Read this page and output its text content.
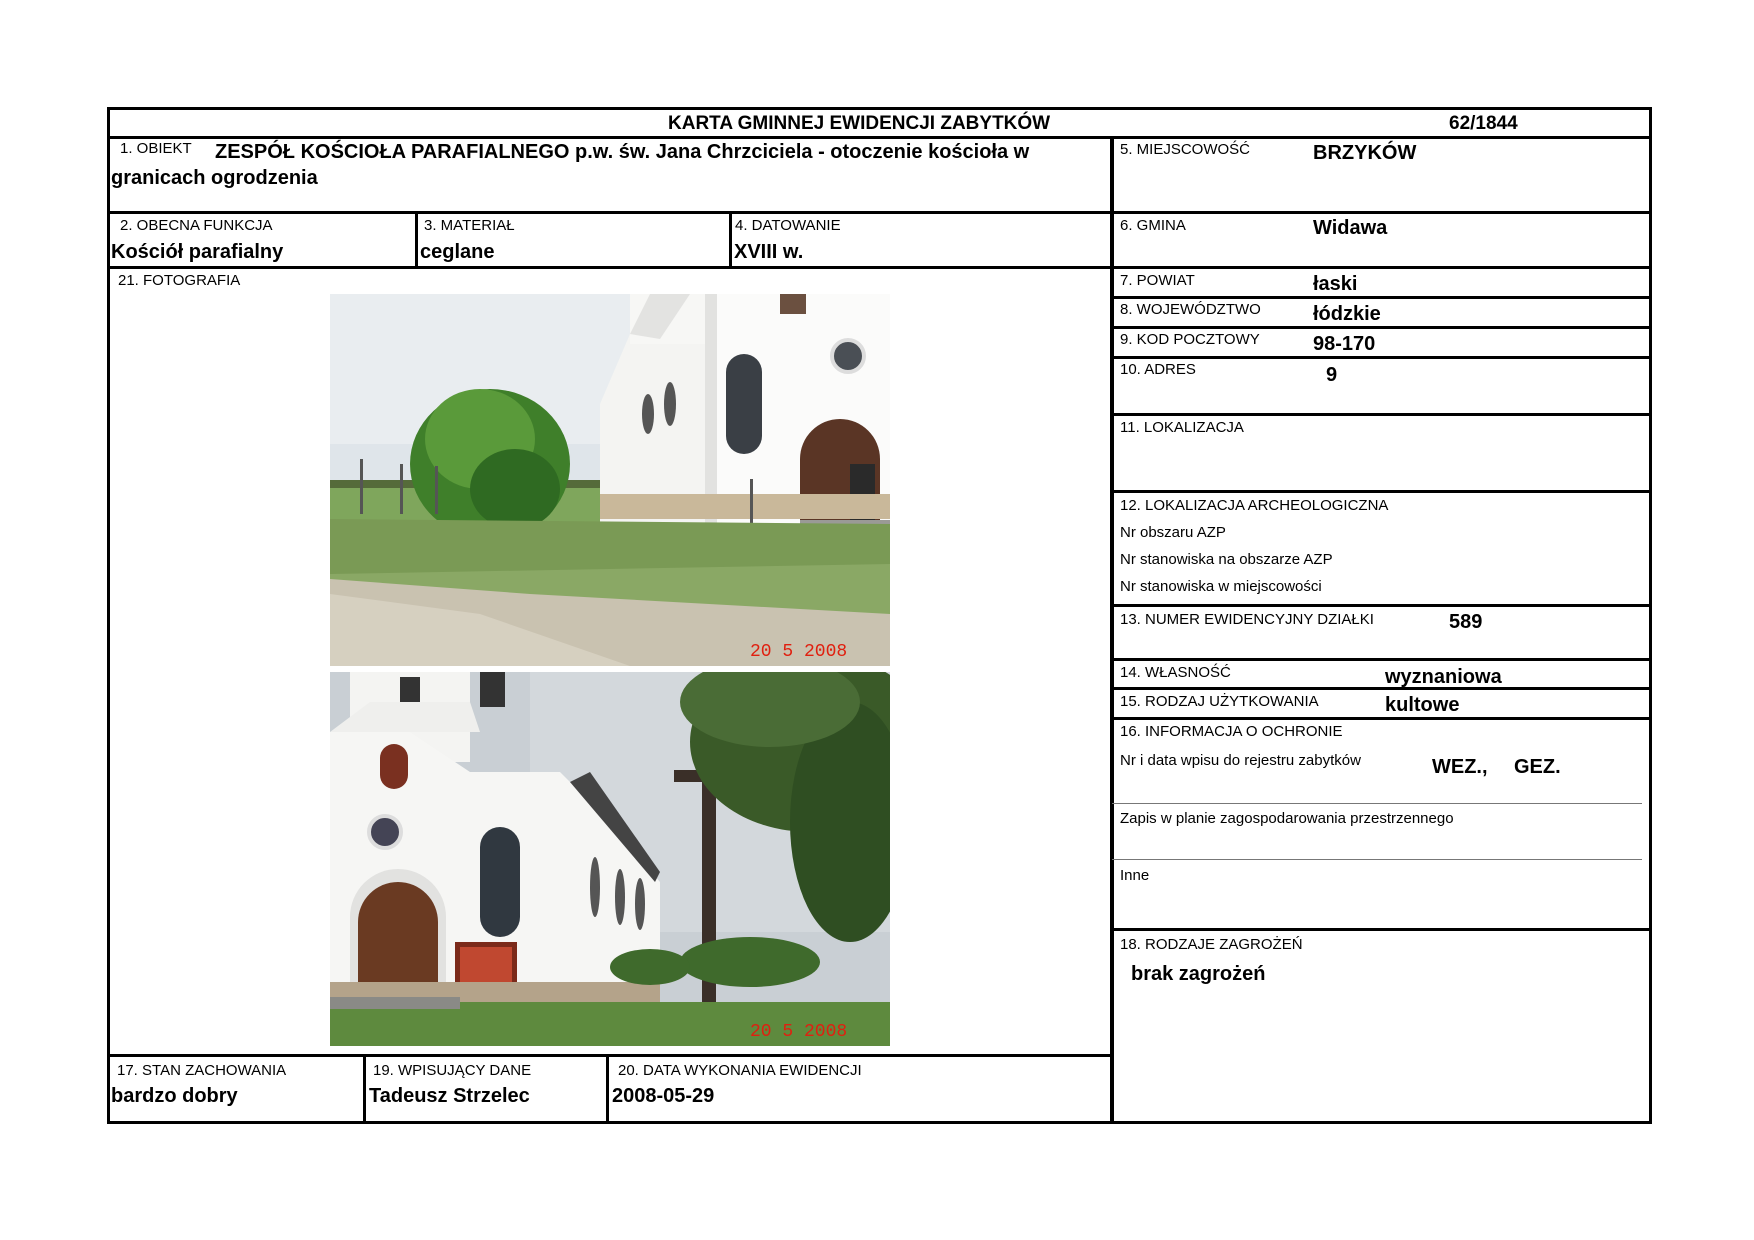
KARTA GMINNEJ EWIDENCJI ZABYTKÓW	62/1844
1. OBIEKT ZESPÓŁ KOŚCIOŁA PARAFIALNEGO p.w. św. Jana Chrzciciela - otoczenie kościoła w
granicach ogrodzenia
2. OBECNA FUNKCJA
Kościół parafialny
3. MATERIAŁ
ceglane
4. DATOWANIE
XVIII w.
21. FOTOGRAFIA
20 5 2008
20 5 2008
17. STAN ZACHOWANIA
bardzo dobry
19. WPISUJĄCY DANE
Tadeusz Strzelec
20. DATA WYKONANIA EWIDENCJI
2008-05-29
5. MIEJSCOWOŚĆ	BRZYKÓW
6. GMINA	Widawa
7. POWIAT	łaski
8. WOJEWÓDZTWO	łódzkie
9. KOD POCZTOWY	98-170
10. ADRES	9
11. LOKALIZACJA
12. LOKALIZACJA ARCHEOLOGICZNA
Nr obszaru AZP
Nr stanowiska na obszarze AZP
Nr stanowiska w miejscowości
13. NUMER EWIDENCYJNY DZIAŁKI	589
14. WŁASNOŚĆ	wyznaniowa
15. RODZAJ UŻYTKOWANIA	kultowe
16. INFORMACJA O OCHRONIE
Nr i data wpisu do rejestru zabytków	WEZ., GEZ.
Zapis w planie zagospodarowania przestrzennego
Inne
18. RODZAJE ZAGROŻEŃ
brak zagrożeń
